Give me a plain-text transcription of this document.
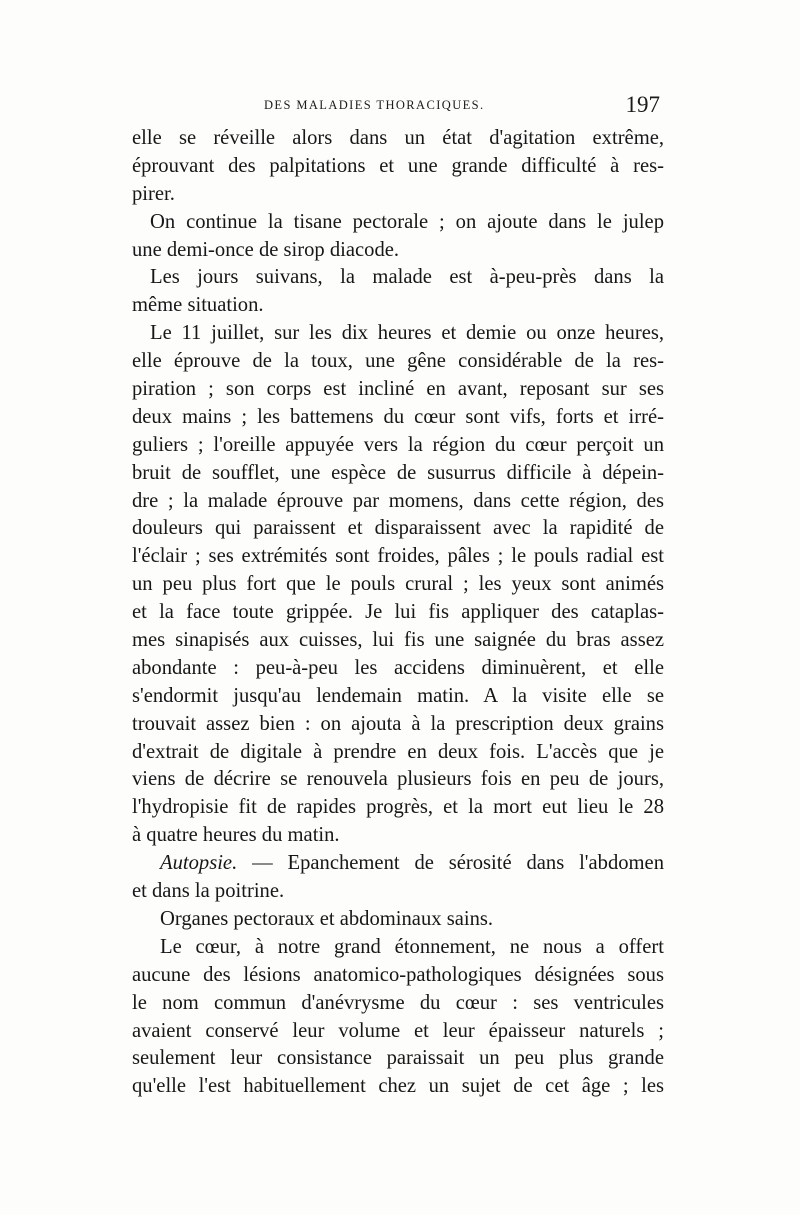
DES MALADIES THORACIQUES.	197
elle se réveille alors dans un état d'agitation extrême,
éprouvant des palpitations et une grande difficulté à res-
pirer.
On continue la tisane pectorale ; on ajoute dans le julep
une demi-once de sirop diacode.
Les jours suivans, la malade est à-peu-près dans la
même situation.
Le 11 juillet, sur les dix heures et demie ou onze heures,
elle éprouve de la toux, une gêne considérable de la res-
piration ; son corps est incliné en avant, reposant sur ses
deux mains ; les battemens du cœur sont vifs, forts et irré-
guliers ; l'oreille appuyée vers la région du cœur perçoit un
bruit de soufflet, une espèce de susurrus difficile à dépein-
dre ; la malade éprouve par momens, dans cette région, des
douleurs qui paraissent et disparaissent avec la rapidité de
l'éclair ; ses extrémités sont froides, pâles ; le pouls radial est
un peu plus fort que le pouls crural ; les yeux sont animés
et la face toute grippée. Je lui fis appliquer des cataplas-
mes sinapisés aux cuisses, lui fis une saignée du bras assez
abondante : peu-à-peu les accidens diminuèrent, et elle
s'endormit jusqu'au lendemain matin. A la visite elle se
trouvait assez bien : on ajouta à la prescription deux grains
d'extrait de digitale à prendre en deux fois. L'accès que je
viens de décrire se renouvela plusieurs fois en peu de jours,
l'hydropisie fit de rapides progrès, et la mort eut lieu le 28
à quatre heures du matin.
Autopsie. — Epanchement de sérosité dans l'abdomen
et dans la poitrine.
Organes pectoraux et abdominaux sains.
Le cœur, à notre grand étonnement, ne nous a offert
aucune des lésions anatomico-pathologiques désignées sous
le nom commun d'anévrysme du cœur : ses ventricules
avaient conservé leur volume et leur épaisseur naturels ;
seulement leur consistance paraissait un peu plus grande
qu'elle l'est habituellement chez un sujet de cet âge ; les
